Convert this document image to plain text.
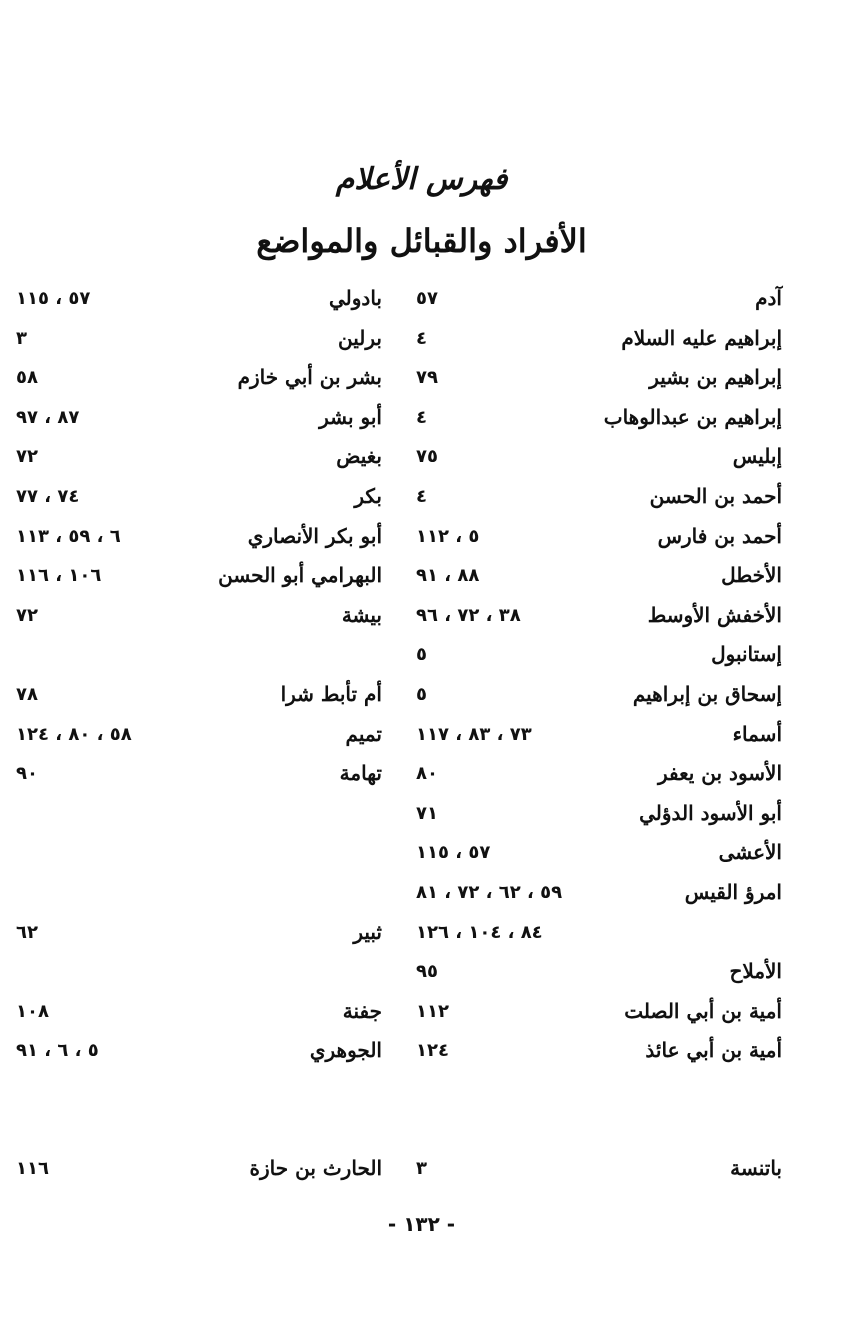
فهرس الأعلام
الأفراد والقبائل والمواضع
آدم
٥٧
إبراهيم عليه السلام
٤
إبراهيم بن بشير
٧٩
إبراهيم بن عبدالوهاب
٤
إبليس
٧٥
أحمد بن الحسن
٤
أحمد بن فارس
٥ ، ١١٢
الأخطل
٨٨ ، ٩١
الأخفش الأوسط
٣٨ ، ٧٢ ، ٩٦
إستانبول
٥
إسحاق بن إبراهيم
٥
أسماء
٧٣ ، ٨٣ ، ١١٧
الأسود بن يعفر
٨٠
أبو الأسود الدؤلي
٧١
الأعشى
٥٧ ، ١١٥
امرؤ القيس
٥٩ ، ٦٢ ، ٧٢ ، ٨١
٨٤ ، ١٠٤ ، ١٢٦
الأملاح
٩٥
أمية بن أبي الصلت
١١٢
أمية بن أبي عائذ
١٢٤
بادولي
٥٧ ، ١١٥
برلين
٣
بشر بن أبي خازم
٥٨
أبو بشر
٨٧ ، ٩٧
بغيض
٧٢
بكر
٧٤ ، ٧٧
أبو بكر الأنصاري
٦ ، ٥٩ ، ١١٣
البهرامي أبو الحسن
١٠٦ ، ١١٦
بيشة
٧٢
أم تأبط شرا
٧٨
تميم
٥٨ ، ٨٠ ، ١٢٤
تهامة
٩٠
ثبير
٦٢
جفنة
١٠٨
الجوهري
٥ ، ٦ ، ٩١
باتنسة
٣
الحارث بن حازة
١١٦
- ١٣٢ -
